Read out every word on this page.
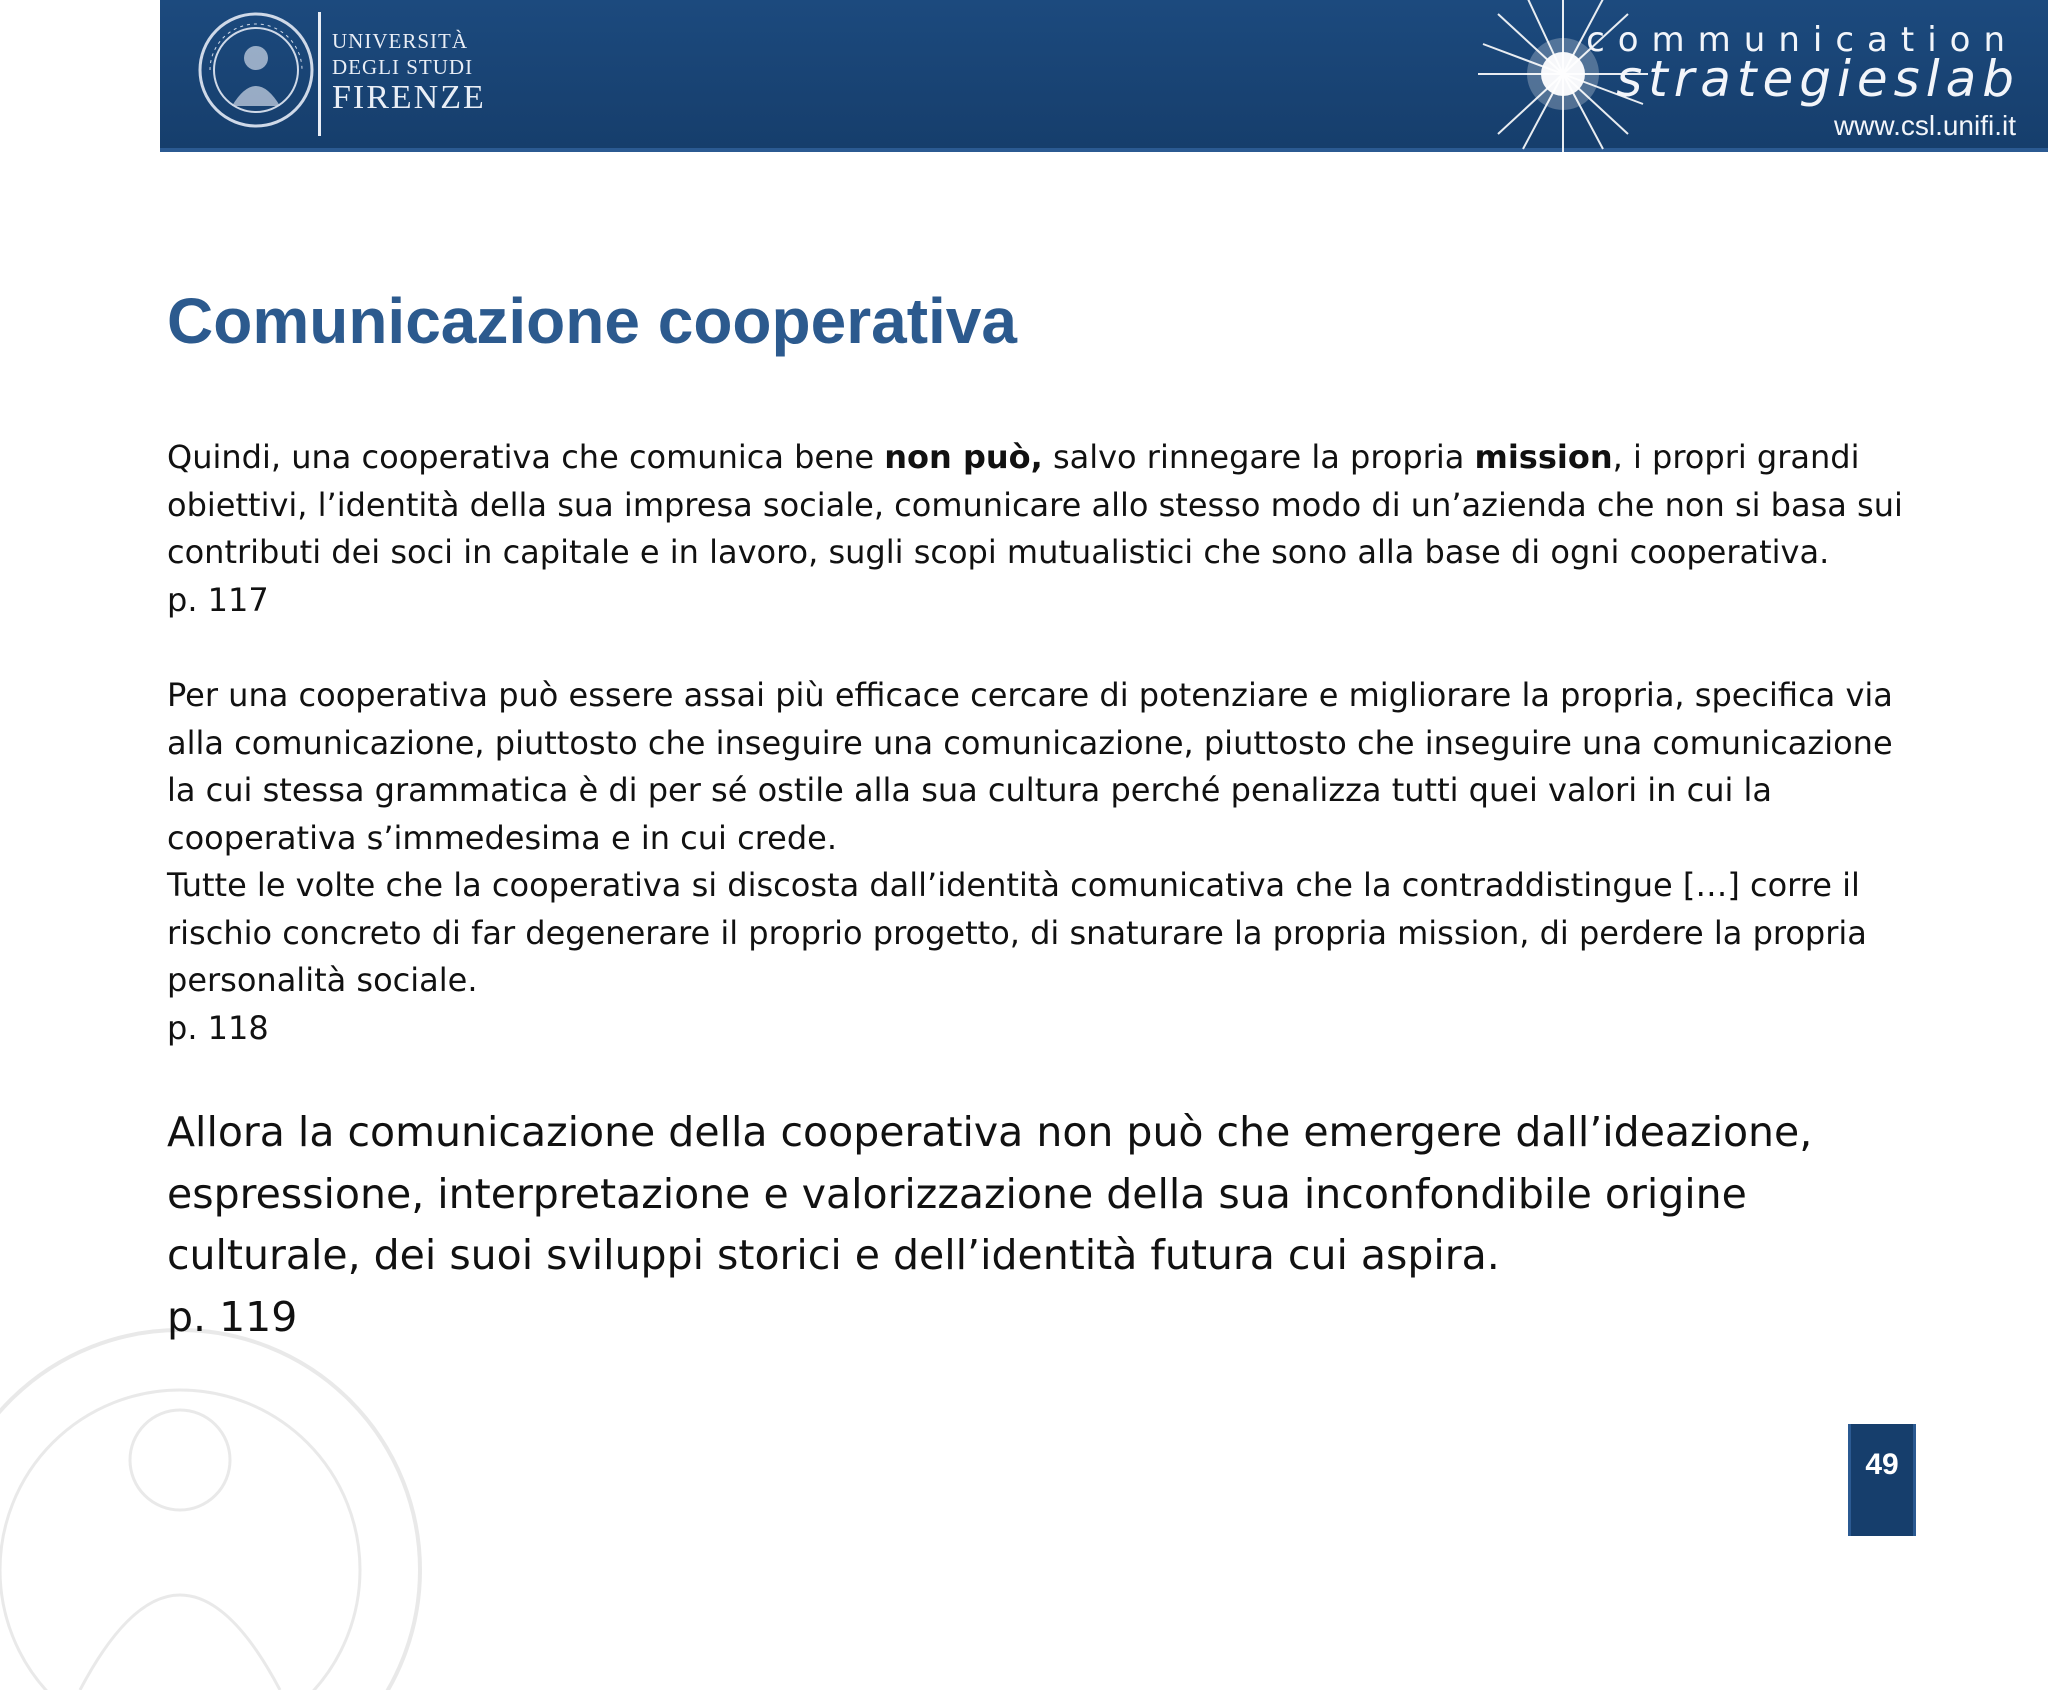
UNIVERSITÀ
DEGLI STUDI
FIRENZE
communication
strategieslab
www.csl.unifi.it
Comunicazione cooperativa

Quindi, una cooperativa che comunica bene non può, salvo rinnegare la propria mission, i propri grandi obiettivi, l’identità della sua impresa sociale, comunicare allo stesso modo di un’azienda che non si basa sui contributi dei soci in capitale e in lavoro, sugli scopi mutualistici che sono alla base di ogni cooperativa.
p. 117

Per una cooperativa può essere assai più efficace cercare di potenziare e migliorare la propria, specifica via alla comunicazione, piuttosto che inseguire una comunicazione, piuttosto che inseguire una comunicazione la cui stessa grammatica è di per sé ostile alla sua cultura perché penalizza tutti quei valori in cui la cooperativa s’immedesima e in cui crede.

Tutte le volte che la cooperativa si discosta dall’identità comunicativa che la contraddistingue […] corre il rischio concreto di far degenerare il proprio progetto, di snaturare la propria mission, di perdere la propria personalità sociale.
p. 118

Allora la comunicazione della cooperativa non può che emergere dall’ideazione, espressione, interpretazione e valorizzazione della sua inconfondibile origine culturale, dei suoi sviluppi storici e dell’identità futura cui aspira.
p. 119

49
